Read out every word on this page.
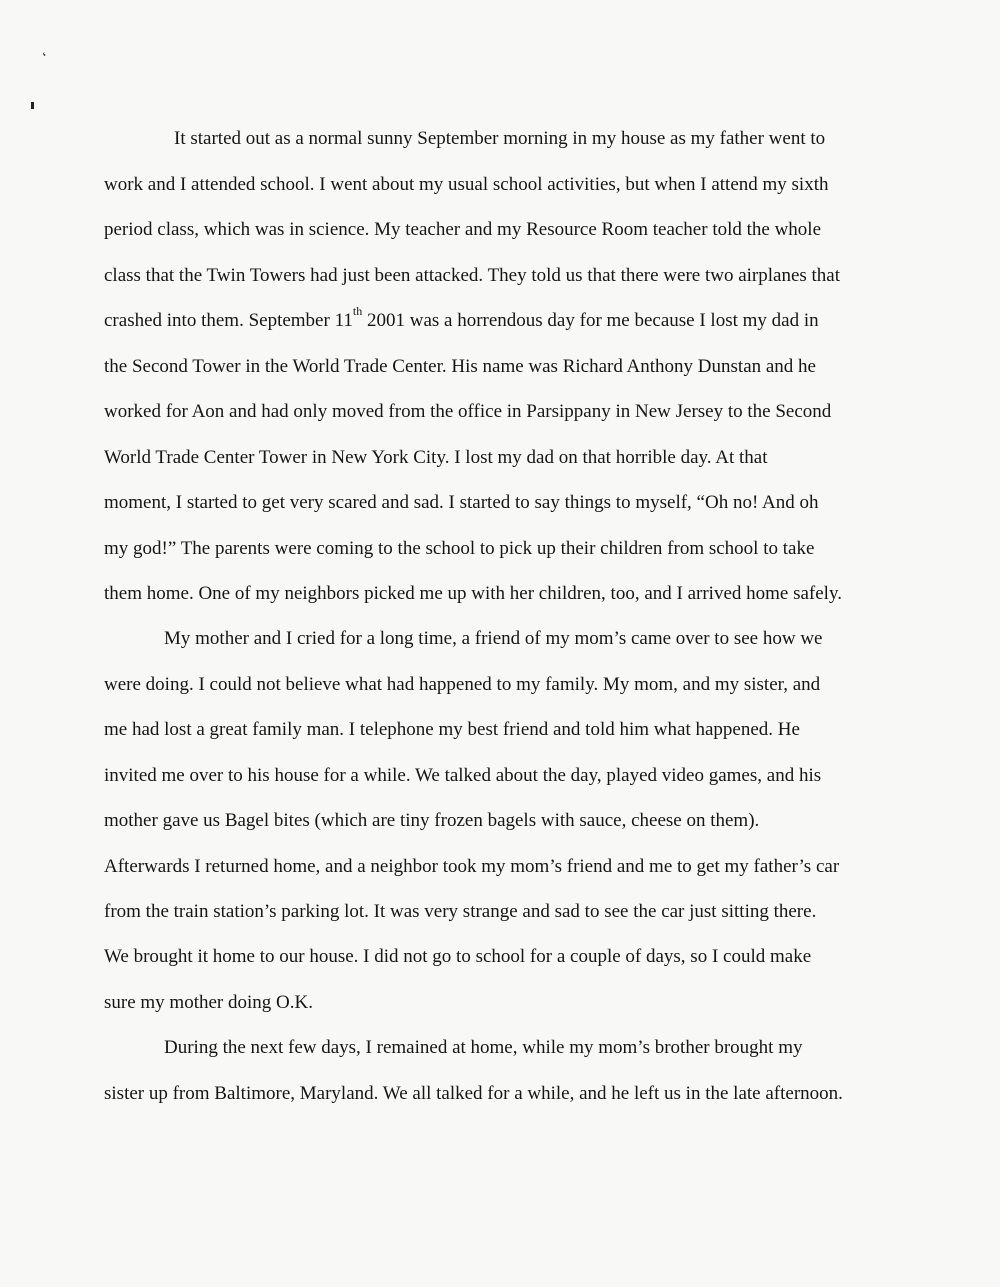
‘
It started out as a normal sunny September morning in my house as my father went to
work and I attended school. I went about my usual school activities, but when I attend my sixth
period class, which was in science. My teacher and my Resource Room teacher told the whole
class that the Twin Towers had just been attacked. They told us that there were two airplanes that
crashed into them. September 11th 2001 was a horrendous day for me because I lost my dad in
the Second Tower in the World Trade Center. His name was Richard Anthony Dunstan and he
worked for Aon and had only moved from the office in Parsippany in New Jersey to the Second
World Trade Center Tower in New York City. I lost my dad on that horrible day. At that
moment, I started to get very scared and sad. I started to say things to myself, “Oh no! And oh
my god!” The parents were coming to the school to pick up their children from school to take
them home. One of my neighbors picked me up with her children, too, and I arrived home safely.
My mother and I cried for a long time, a friend of my mom’s came over to see how we
were doing. I could not believe what had happened to my family. My mom, and my sister, and
me had lost a great family man. I telephone my best friend and told him what happened. He
invited me over to his house for a while. We talked about the day, played video games, and his
mother gave us Bagel bites (which are tiny frozen bagels with sauce, cheese on them).
Afterwards I returned home, and a neighbor took my mom’s friend and me to get my father’s car
from the train station’s parking lot. It was very strange and sad to see the car just sitting there.
We brought it home to our house. I did not go to school for a couple of days, so I could make
sure my mother doing O.K.
During the next few days, I remained at home, while my mom’s brother brought my
sister up from Baltimore, Maryland. We all talked for a while, and he left us in the late afternoon.
